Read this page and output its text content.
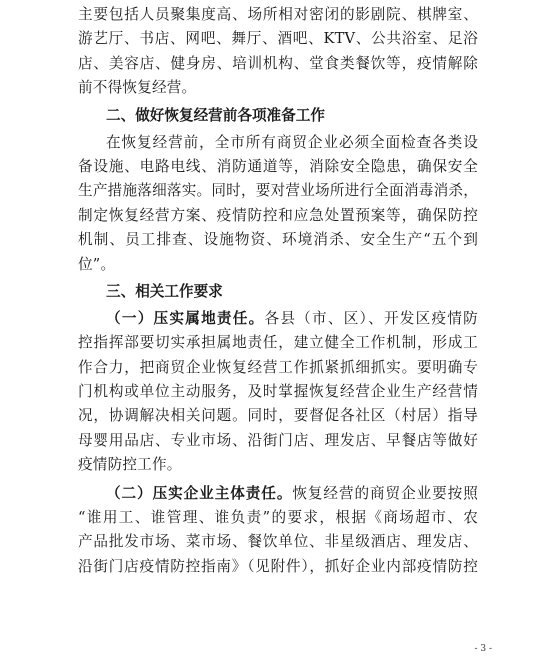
主要包括人员聚集度高、场所相对密闭的影剧院、棋牌室、
游艺厅、书店、网吧、舞厅、酒吧、KTV、公共浴室、足浴
店、美容店、健身房、培训机构、堂食类餐饮等，疫情解除
前不得恢复经营。
二、做好恢复经营前各项准备工作
在恢复经营前，全市所有商贸企业必须全面检查各类设
备设施、电路电线、消防通道等，消除安全隐患，确保安全
生产措施落细落实。同时，要对营业场所进行全面消毒消杀，
制定恢复经营方案、疫情防控和应急处置预案等，确保防控
机制、员工排查、设施物资、环境消杀、安全生产“五个到
位”。
三、相关工作要求
（一）压实属地责任。各县（市、区）、开发区疫情防
控指挥部要切实承担属地责任，建立健全工作机制，形成工
作合力，把商贸企业恢复经营工作抓紧抓细抓实。要明确专
门机构或单位主动服务，及时掌握恢复经营企业生产经营情
况，协调解决相关问题。同时，要督促各社区（村居）指导
母婴用品店、专业市场、沿街门店、理发店、早餐店等做好
疫情防控工作。
（二）压实企业主体责任。恢复经营的商贸企业要按照
“谁用工、谁管理、谁负责”的要求，根据《商场超市、农
产品批发市场、菜市场、餐饮单位、非星级酒店、理发店、
沿街门店疫情防控指南》（见附件），抓好企业内部疫情防控
- 3 -
